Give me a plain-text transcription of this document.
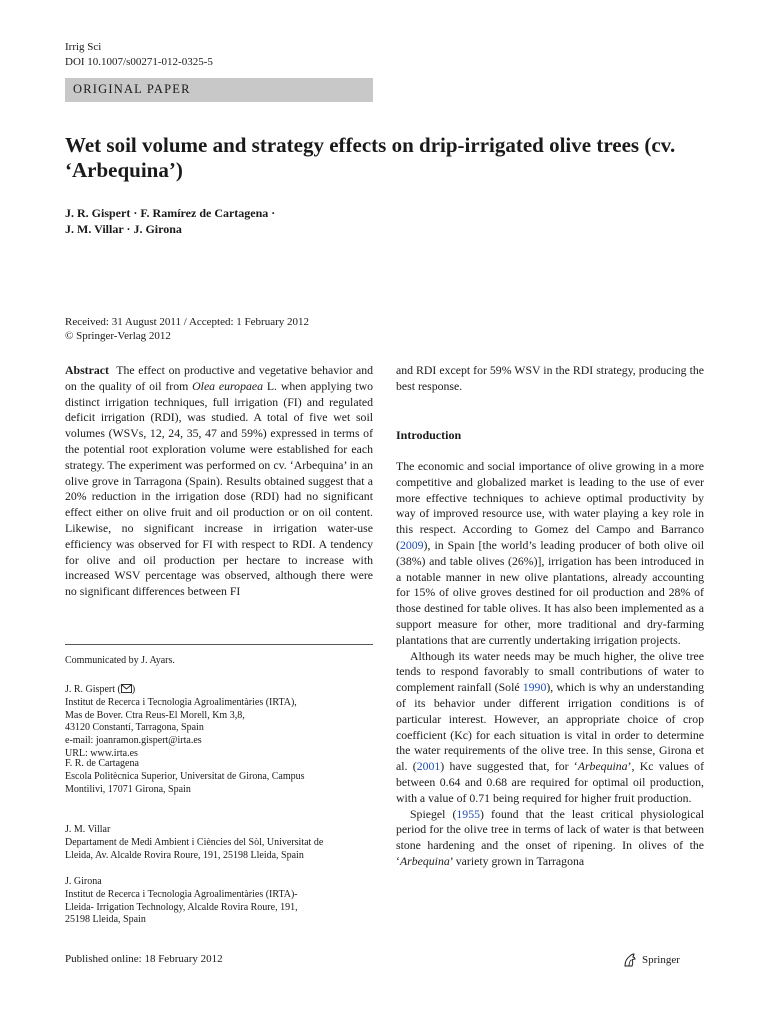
Irrig Sci
DOI 10.1007/s00271-012-0325-5
ORIGINAL PAPER
Wet soil volume and strategy effects on drip-irrigated olive trees (cv. ‘Arbequina’)
J. R. Gispert · F. Ramírez de Cartagena ·
J. M. Villar · J. Girona
Received: 31 August 2011 / Accepted: 1 February 2012
© Springer-Verlag 2012
Abstract The effect on productive and vegetative behavior and on the quality of oil from Olea europaea L. when applying two distinct irrigation techniques, full irrigation (FI) and regulated deficit irrigation (RDI), was studied. A total of five wet soil volumes (WSVs, 12, 24, 35, 47 and 59%) expressed in terms of the potential root exploration volume were established for each strategy. The experiment was performed on cv. ‘Arbequina’ in an olive grove in Tarragona (Spain). Results obtained suggest that a 20% reduction in the irrigation dose (RDI) had no significant effect either on olive fruit and oil production or on oil content. Likewise, no significant increase in irrigation water-use efficiency was observed for FI with respect to RDI. A tendency for olive and oil production per hectare to increase with increased WSV percentage was observed, although there were no significant differences between FI
Communicated by J. Ayars.
J. R. Gispert ( )
Institut de Recerca i Tecnologia Agroalimentàries (IRTA),
Mas de Bover. Ctra Reus-El Morell, Km 3,8,
43120 Constantí, Tarragona, Spain
e-mail: joanramon.gispert@irta.es
URL: www.irta.es
F. R. de Cartagena
Escola Politècnica Superior, Universitat de Girona, Campus
Montilivi, 17071 Girona, Spain
J. M. Villar
Departament de Medi Ambient i Ciències del Sòl, Universitat de
Lleida, Av. Alcalde Rovira Roure, 191, 25198 Lleida, Spain
J. Girona
Institut de Recerca i Tecnologia Agroalimentàries (IRTA)-
Lleida- Irrigation Technology, Alcalde Rovira Roure, 191,
25198 Lleida, Spain
and RDI except for 59% WSV in the RDI strategy, producing the best response.
Introduction

The economic and social importance of olive growing in a more competitive and globalized market is leading to the use of ever more effective techniques to achieve optimal productivity by way of improved resource use, with water playing a key role in this respect. According to Gomez del Campo and Barranco (2009), in Spain [the world’s leading producer of both olive oil (38%) and table olives (26%)], irrigation has been introduced in a notable manner in new olive plantations, already accounting for 15% of olive groves destined for oil production and 28% of those destined for table olives. It has also been implemented as a support measure for other, more traditional and dry-farming plantations that are currently undertaking irrigation projects.

Although its water needs may be much higher, the olive tree tends to respond favorably to small contributions of water to complement rainfall (Solé 1990), which is why an understanding of its behavior under different irrigation conditions is of particular interest. However, an appropriate choice of crop coefficient (Kc) for each situation is vital in order to determine the water requirements of the olive tree. In this sense, Girona et al. (2001) have suggested that, for ‘Arbequina’, Kc values of between 0.64 and 0.68 are required for optimal oil production, with a value of 0.71 being required for higher fruit production.

Spiegel (1955) found that the least critical physiological period for the olive tree in terms of lack of water is that between stone hardening and the onset of ripening. In olives of the ‘Arbequina’ variety grown in Tarragona

Published online: 18 February 2012	Springer
